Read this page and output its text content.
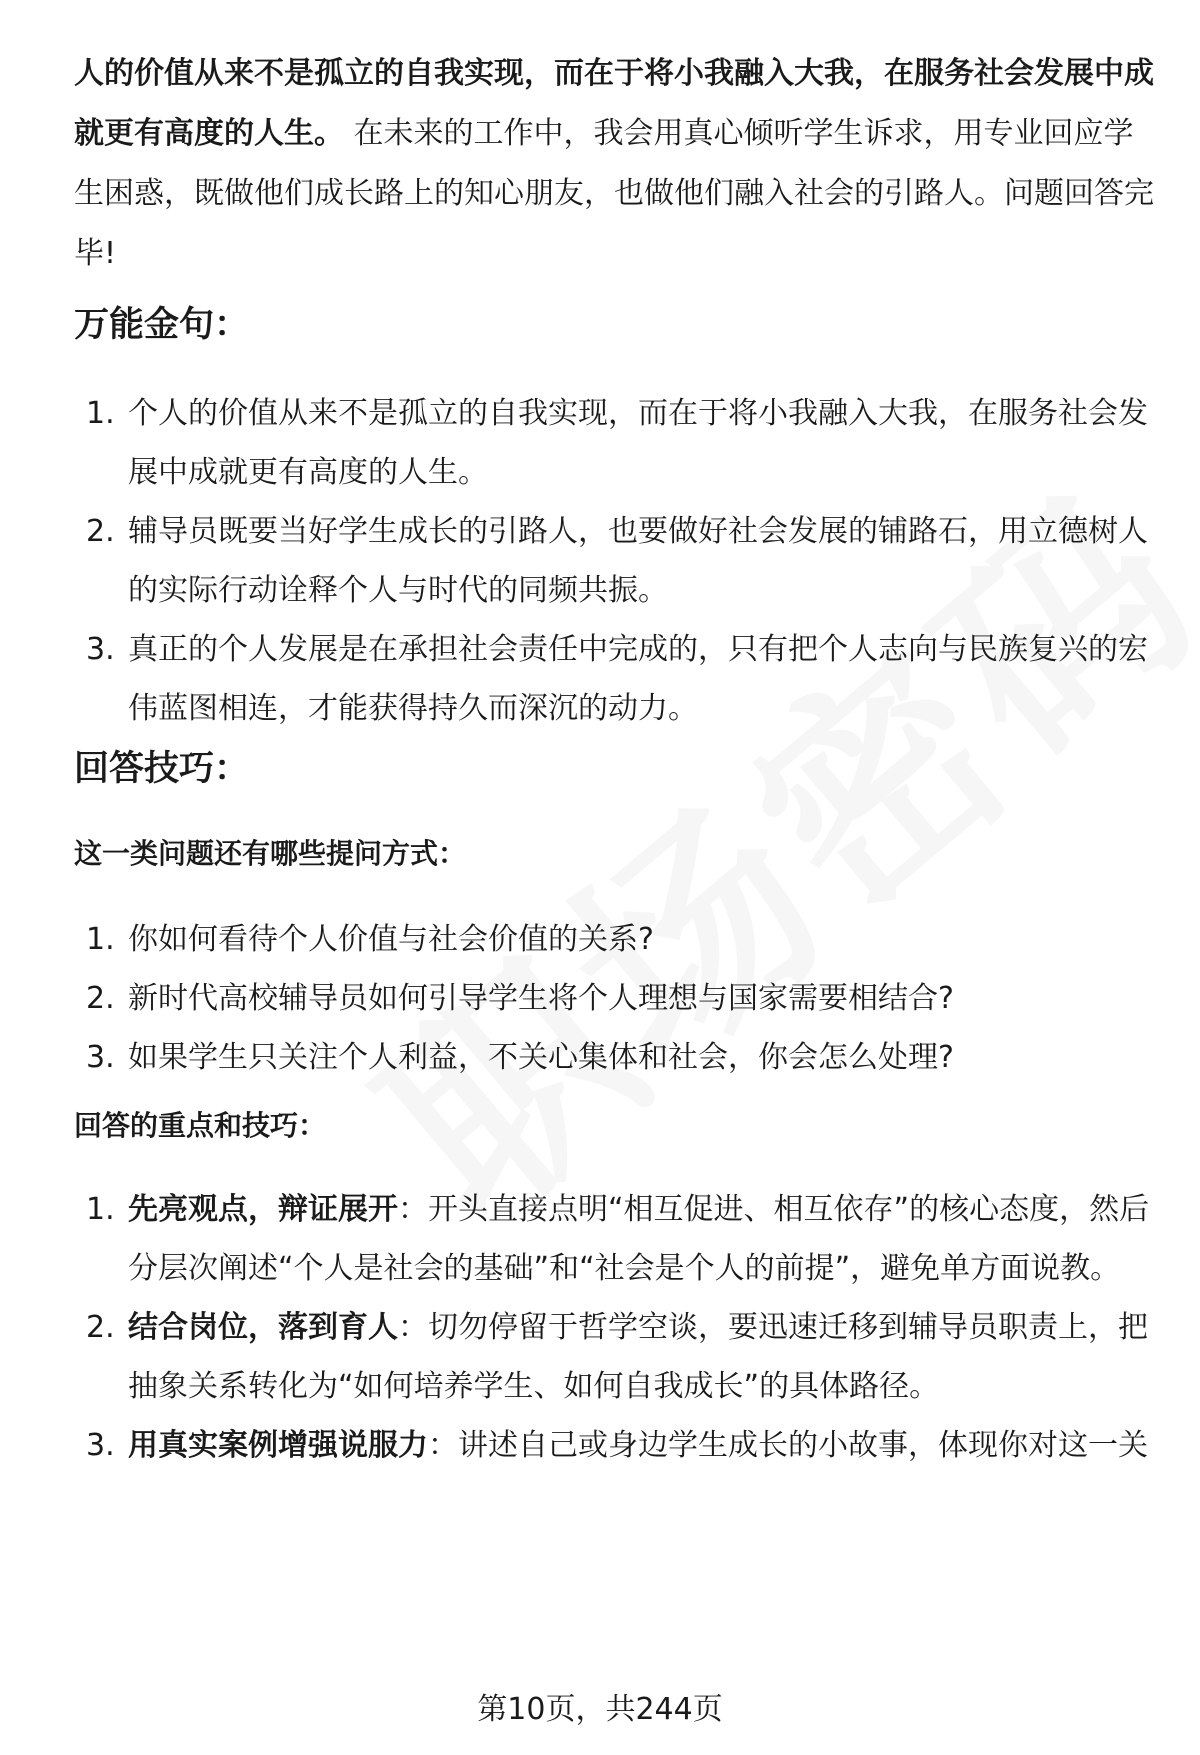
人的价值从来不是孤立的自我实现，而在于将小我融入大我，在服务社会发展中成就更有高度的人生。 在未来的工作中，我会用真心倾听学生诉求，用专业回应学生困惑，既做他们成长路上的知心朋友，也做他们融入社会的引路人。问题回答完毕!

万能金句：
1. 个人的价值从来不是孤立的自我实现，而在于将小我融入大我，在服务社会发展中成就更有高度的人生。
2. 辅导员既要当好学生成长的引路人，也要做好社会发展的铺路石，用立德树人的实际行动诠释个人与时代的同频共振。
3. 真正的个人发展是在承担社会责任中完成的，只有把个人志向与民族复兴的宏伟蓝图相连，才能获得持久而深沉的动力。
回答技巧：
这一类问题还有哪些提问方式：
1. 你如何看待个人价值与社会价值的关系?
2. 新时代高校辅导员如何引导学生将个人理想与国家需要相结合?
3. 如果学生只关注个人利益，不关心集体和社会，你会怎么处理?
回答的重点和技巧：
1. 先亮观点，辩证展开：开头直接点明“相互促进、相互依存”的核心态度，然后分层次阐述“个人是社会的基础”和“社会是个人的前提”，避免单方面说教。
2. 结合岗位，落到育人：切勿停留于哲学空谈，要迅速迁移到辅导员职责上，把抽象关系转化为“如何培养学生、如何自我成长”的具体路径。
3. 用真实案例增强说服力：讲述自己或身边学生成长的小故事，体现你对这一关
第10页，共244页
